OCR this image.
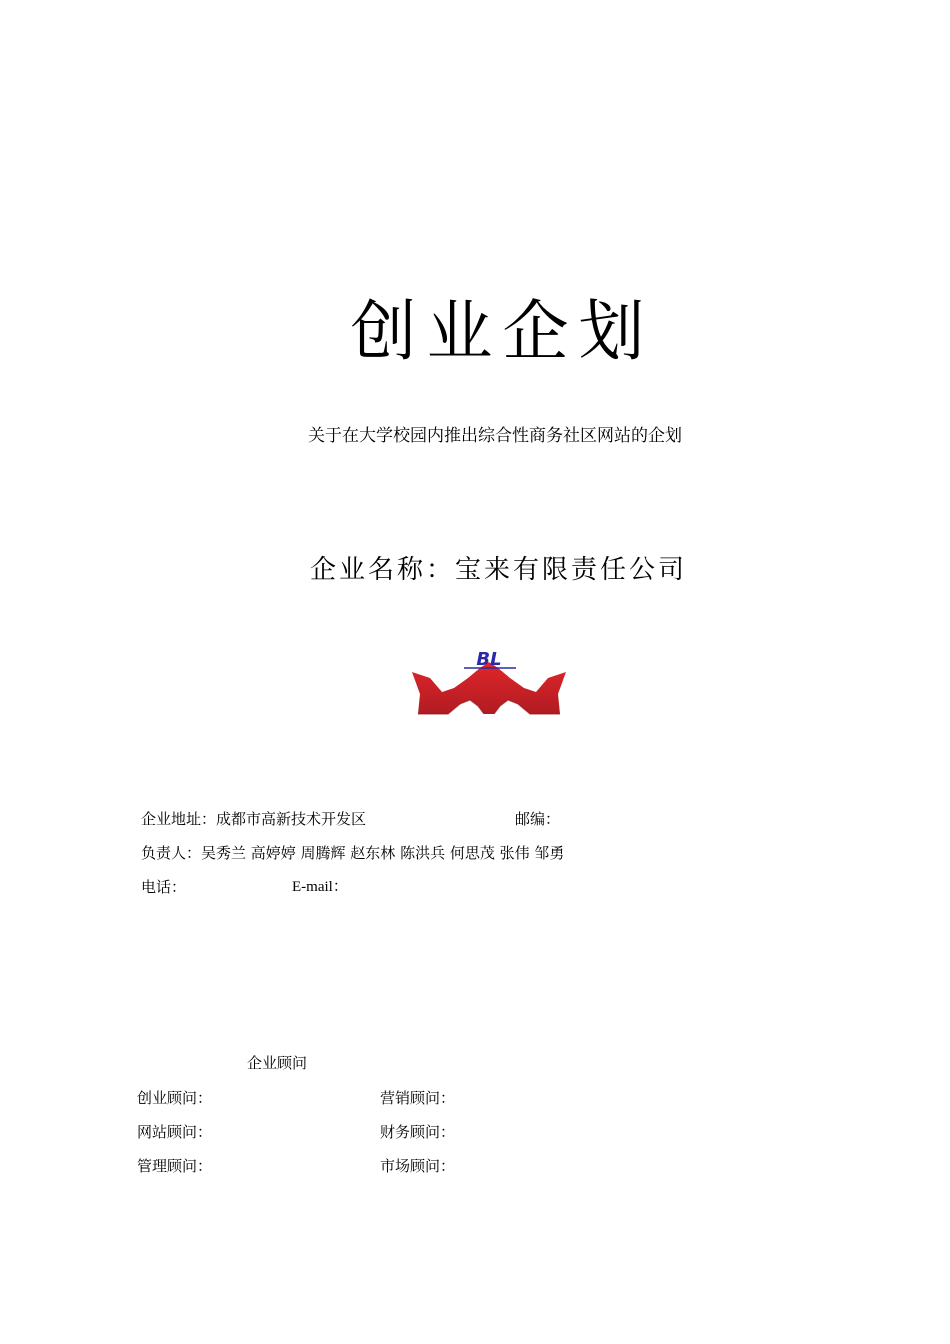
创业企划
关于在大学校园内推出综合性商务社区网站的企划
企业名称：宝来有限责任公司
BL
企业地址：成都市高新技术开发区	邮编：
负责人：吴秀兰 高婷婷 周腾辉 赵东林 陈洪兵 何思茂 张伟 邹勇
电话：	E-mail：
企业顾问
创业顾问：	营销顾问：
网站顾问：	财务顾问：
管理顾问：	市场顾问：
